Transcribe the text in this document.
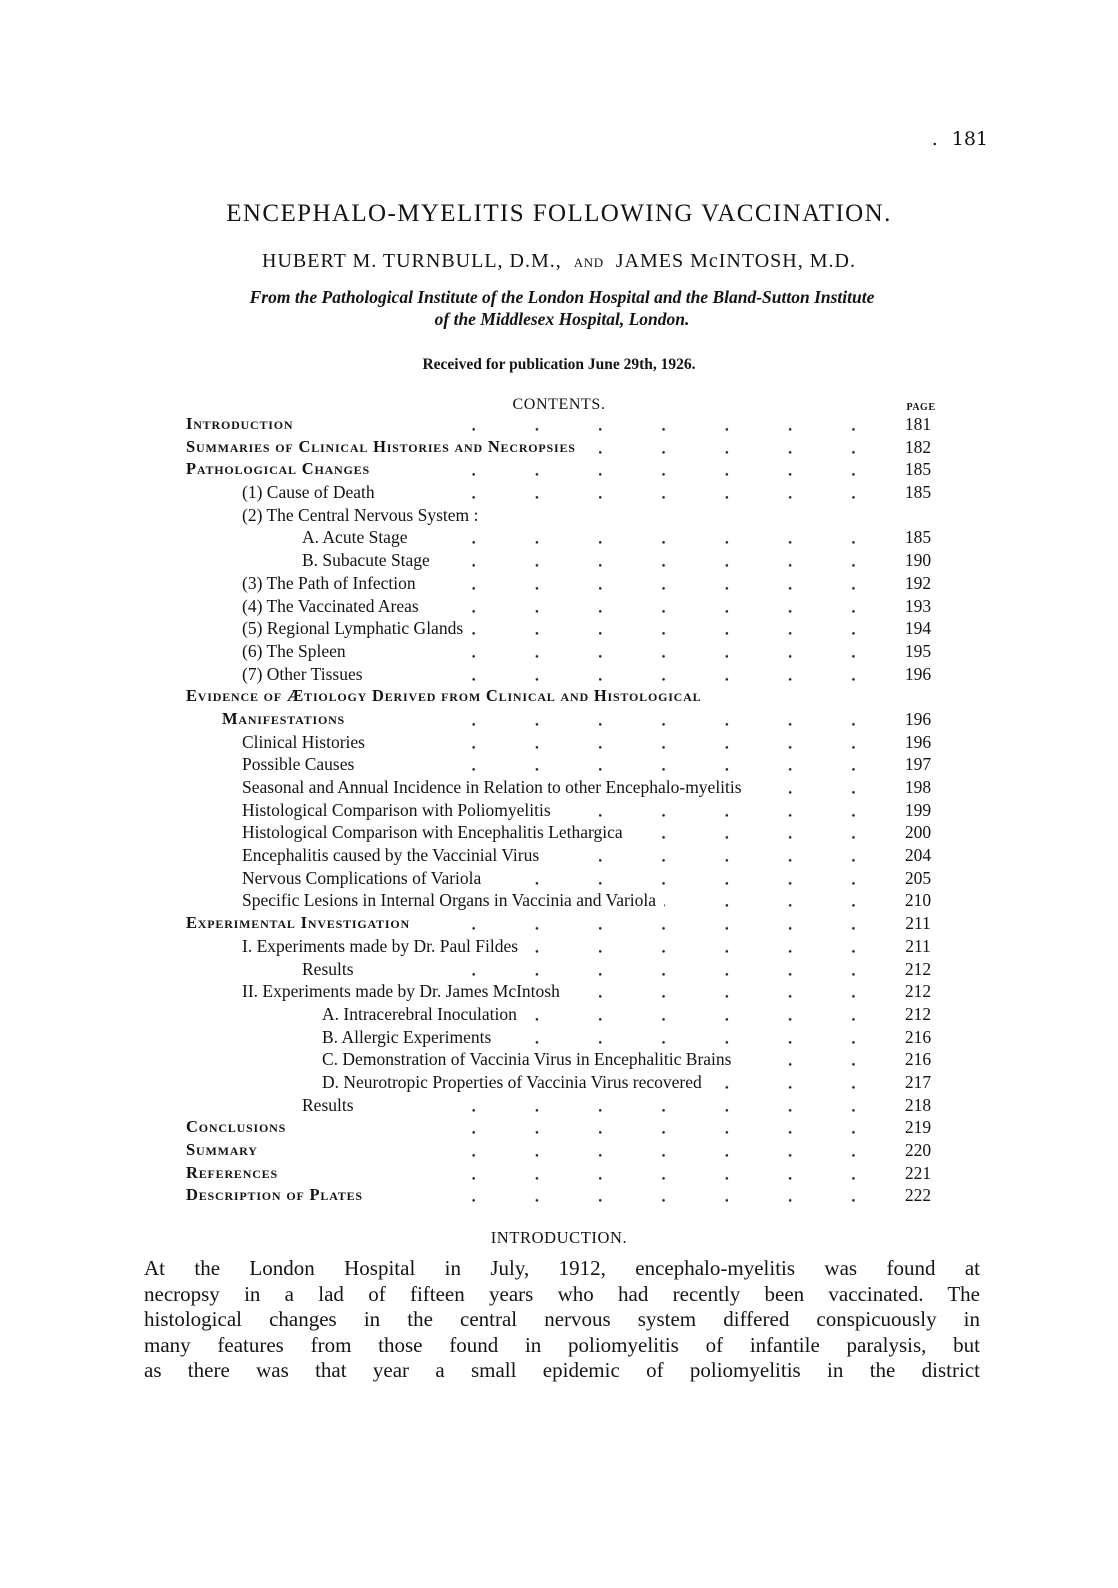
. 181
ENCEPHALO-MYELITIS FOLLOWING VACCINATION.
HUBERT M. TURNBULL, D.M., AND JAMES McINTOSH, M.D.
From the Pathological Institute of the London Hospital and the Bland-Sutton Institute
of the Middlesex Hospital, London.
Received for publication June 29th, 1926.
CONTENTS.	PAGE
Introduction	181
Summaries of Clinical Histories and Necropsies	182
Pathological Changes	185
(1) Cause of Death	185
(2) The Central Nervous System :
A. Acute Stage	185
B. Subacute Stage	190
(3) The Path of Infection	192
(4) The Vaccinated Areas	193
(5) Regional Lymphatic Glands	194
(6) The Spleen	195
(7) Other Tissues	196
Evidence of Ætiology Derived from Clinical and Histological
Manifestations	196
Clinical Histories	196
Possible Causes	197
Seasonal and Annual Incidence in Relation to other Encephalo-myelitis	198
Histological Comparison with Poliomyelitis	199
Histological Comparison with Encephalitis Lethargica	200
Encephalitis caused by the Vaccinial Virus	204
Nervous Complications of Variola	205
Specific Lesions in Internal Organs in Vaccinia and Variola	210
Experimental Investigation	211
I. Experiments made by Dr. Paul Fildes	211
Results	212
II. Experiments made by Dr. James McIntosh	212
A. Intracerebral Inoculation	212
B. Allergic Experiments	216
C. Demonstration of Vaccinia Virus in Encephalitic Brains	216
D. Neurotropic Properties of Vaccinia Virus recovered	217
Results	218
Conclusions	219
Summary	220
References	221
Description of Plates	222
INTRODUCTION.
At the London Hospital in July, 1912, encephalo-myelitis was found at
necropsy in a lad of fifteen years who had recently been vaccinated. The
histological changes in the central nervous system differed conspicuously in
many features from those found in poliomyelitis of infantile paralysis, but
as there was that year a small epidemic of poliomyelitis in the district
